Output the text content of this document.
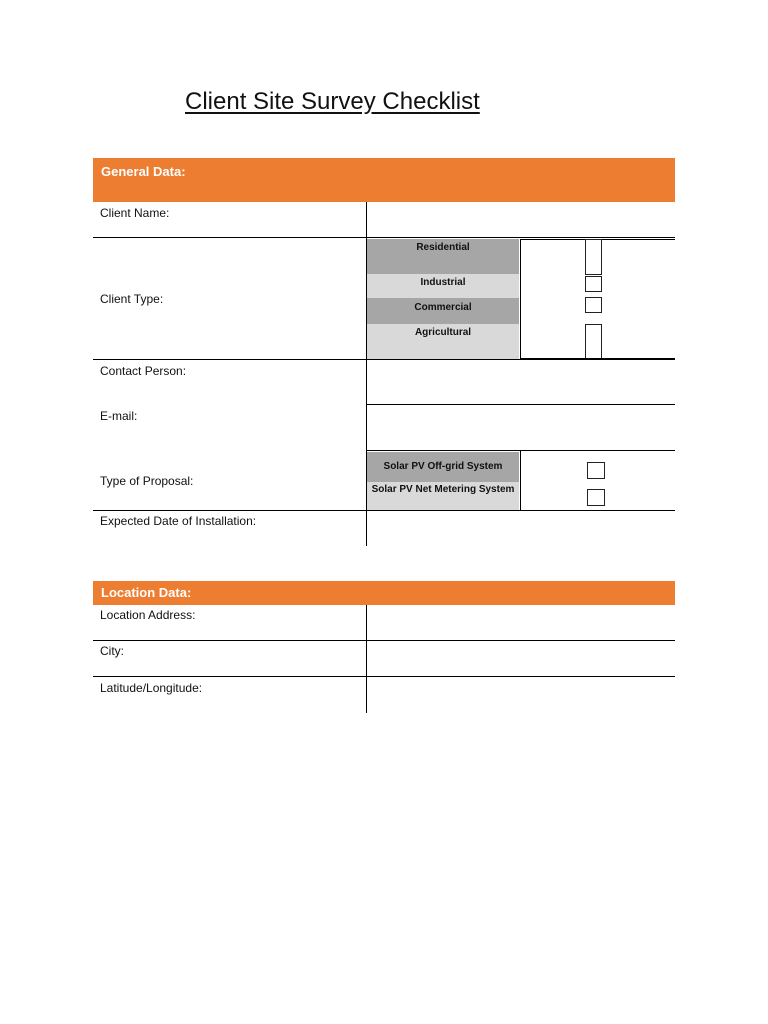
Client Site Survey Checklist
General Data:
Client Name:
Client Type:
Residential
Industrial
Commercial
Agricultural
Contact Person:
E-mail:
Type of Proposal:
Solar PV Off-grid System
Solar PV Net Metering System
Expected Date of Installation:
Location Data:
Location Address:
City:
Latitude/Longitude:
